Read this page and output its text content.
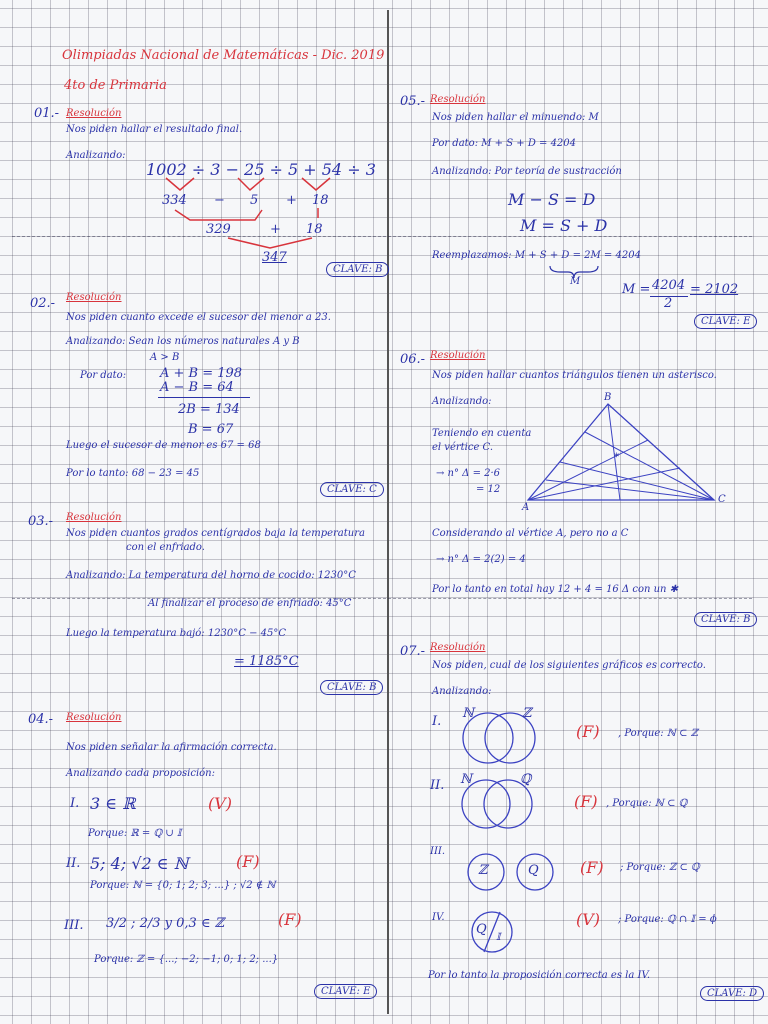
Olimpiadas Nacional de Matemáticas - Dic. 2019
4to de Primaria
01.- Resolución
Nos piden hallar el resultado final.
Analizando:
1002 ÷ 3 − 25 ÷ 5 + 54 ÷ 3
334 − 5 + 18
329	+ 18
347
CLAVE: B
02.- Resolución
Nos piden cuanto excede el sucesor del menor a 23.
Analizando: Sean los números naturales A y B
A > B
Por dato:	A + B = 198
A − B = 64
2B = 134
B = 67
Luego el sucesor de menor es 67 = 68
Por lo tanto: 68 − 23 = 45
CLAVE: C
03.- Resolución
Nos piden cuantos grados centígrados baja la temperatura
con el enfriado.
Analizando: La temperatura del horno de cocido: 1230°C
Al finalizar el proceso de enfriado: 45°C
Luego la temperatura bajó: 1230°C − 45°C
= 1185°C
CLAVE: B
04.- Resolución
Nos piden señalar la afirmación correcta.
Analizando cada proposición:
I. 3 ∈ ℝ	(V)
Porque: ℝ = ℚ ∪ 𝕀
II. 5; 4; √2 ∈ ℕ	(F)
Porque: ℕ = {0; 1; 2; 3; ...} ; √2 ∉ ℕ
III. 3/2 ; 2/3 y 0,3 ∈ ℤ	(F)
Porque: ℤ = {...; −2; −1; 0; 1; 2; ...}
CLAVE: E
05.- Resolución
Nos piden hallar el minuendo: M
Por dato: M + S + D = 4204
Analizando: Por teoría de sustracción
M − S = D
M = S + D
Reemplazamos: M + S + D = 2M = 4204
M
M = 4204
2
= 2102
CLAVE: E
06.- Resolución
Nos piden hallar cuantos triángulos tienen un asterisco.
Analizando:
Teniendo en cuenta
el vértice C.
→ n° Δ = 2·6
= 12
B
A
C
*
Considerando al vértice A, pero no a C
→ n° Δ = 2(2) = 4
Por lo tanto en total hay 12 + 4 = 16 Δ con un ✱
CLAVE: B
07.- Resolución
Nos piden, cual de los siguientes gráficos es correcto.
Analizando:
I.
ℕ	ℤ
(F) , Porque: ℕ ⊂ ℤ
II. ℕ	ℚ
(F) , Porque: ℕ ⊂ ℚ
III.
ℤ	Q	(F) ; Porque: ℤ ⊂ ℚ
IV.
Q
𝕀
(V) ; Porque: ℚ ∩ 𝕀 = ϕ
Por lo tanto la proposición correcta es la IV.
CLAVE: D
